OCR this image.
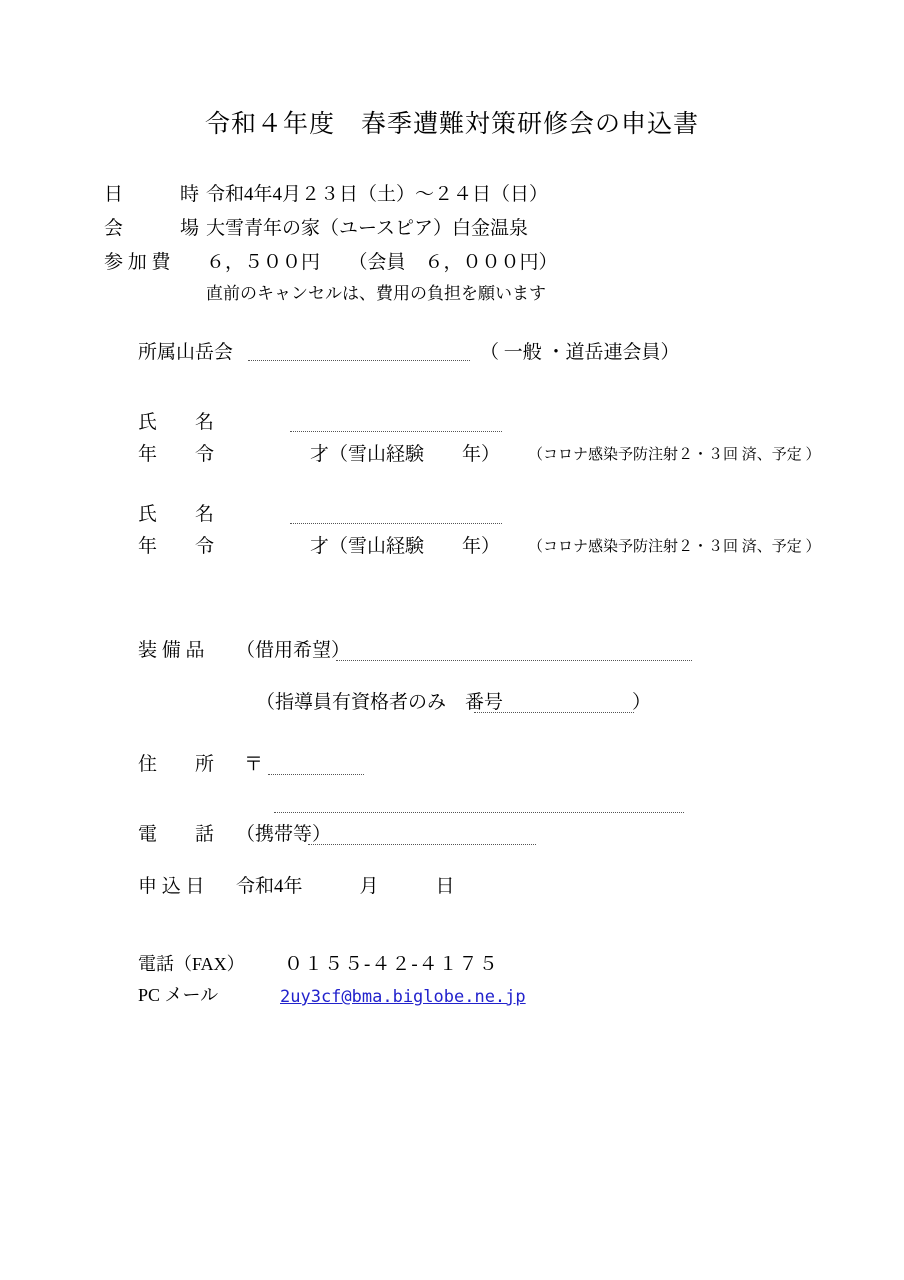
令和４年度　春季遭難対策研修会の申込書
日　　　時 令和4年4月２３日（土）〜２４日（日）
会　　　場 大雪青年の家（ユースピア）白金温泉
参 加 費 ６，５００円　　（会員　６，０００円）
直前のキャンセルは、費用の負担を願います
所属山岳会	（ 一般 ・道岳連会員）
氏　　名
年　　令	才（雪山経験　　年） （コロナ感染予防注射２・３回 済、予定 ）
氏　　名
年　　令	才（雪山経験　　年） （コロナ感染予防注射２・３回 済、予定 ）
装 備 品 （借用希望）
（指導員有資格者のみ　番号	）
住　　所 〒
電　　話 （携帯等）
申 込 日 令和4年　　　月　　　日
電話（FAX） ０１５５-４２-４１７５
PC メール	2uy3cf@bma.biglobe.ne.jp
